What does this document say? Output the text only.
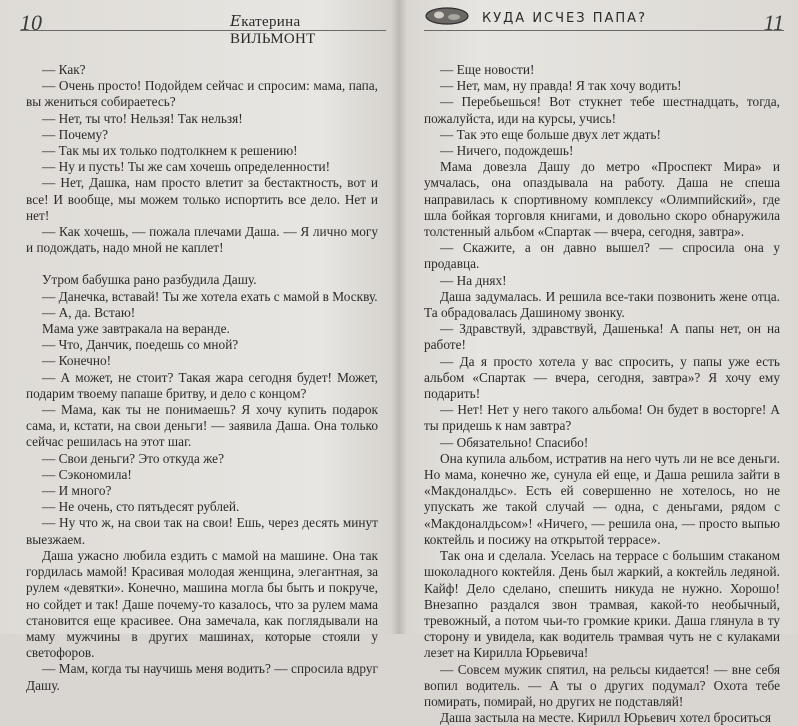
10	Екатерина ВИЛЬМОНТ

— Как?

— Очень просто! Подойдем сейчас и спросим: мама, папа, вы жениться собираетесь?

— Нет, ты что! Нельзя! Так нельзя!

— Почему?

— Так мы их только подтолкнем к решению!

— Ну и пусть! Ты же сам хочешь определенности!

— Нет, Дашка, нам просто влетит за бестактность, вот и все! И вообще, мы можем только испортить все дело. Нет и нет!

— Как хочешь, — пожала плечами Даша. — Я лично могу и подождать, надо мной не каплет!

Утром бабушка рано разбудила Дашу.

— Данечка, вставай! Ты же хотела ехать с мамой в Москву.

— А, да. Встаю!

Мама уже завтракала на веранде.

— Что, Данчик, поедешь со мной?

— Конечно!

— А может, не стоит? Такая жара сегодня будет! Может, подарим твоему папаше бритву, и дело с концом?

— Мама, как ты не понимаешь? Я хочу купить подарок сама, и, кстати, на свои деньги! — заявила Даша. Она только сейчас решилась на этот шаг.

— Свои деньги? Это откуда же?

— Сэкономила!

— И много?

— Не очень, сто пятьдесят рублей.

— Ну что ж, на свои так на свои! Ешь, через десять минут выезжаем.

Даша ужасно любила ездить с мамой на машине. Она так гордилась мамой! Красивая молодая женщина, элегантная, за рулем «девятки». Конечно, машина могла бы быть и покруче, но сойдет и так! Даше почему-то казалось, что за рулем мама становится еще красивее. Она замечала, как поглядывали на маму мужчины в других машинах, которые стояли у светофоров.

— Мам, когда ты научишь меня водить? — спросила вдруг Дашу.

КУДА ИСЧЕЗ ПАПА?	11

— Еще новости!

— Нет, мам, ну правда! Я так хочу водить!

— Перебьешься! Вот стукнет тебе шестнадцать, тогда, пожалуйста, иди на курсы, учись!

— Так это еще больше двух лет ждать!

— Ничего, подождешь!

Мама довезла Дашу до метро «Проспект Мира» и умчалась, она опаздывала на работу. Даша не спеша направилась к спортивному комплексу «Олимпийский», где шла бойкая торговля книгами, и довольно скоро обнаружила толстенный альбом «Спартак — вчера, сегодня, завтра».

— Скажите, а он давно вышел? — спросила она у продавца.

— На днях!

Даша задумалась. И решила все-таки позвонить жене отца. Та обрадовалась Дашиному звонку.

— Здравствуй, здравствуй, Дашенька! А папы нет, он на работе!

— Да я просто хотела у вас спросить, у папы уже есть альбом «Спартак — вчера, сегодня, завтра»? Я хочу ему подарить!

— Нет! Нет у него такого альбома! Он будет в восторге! А ты придешь к нам завтра?

— Обязательно! Спасибо!

Она купила альбом, истратив на него чуть ли не все деньги. Но мама, конечно же, сунула ей еще, и Даша решила зайти в «Макдоналдьс». Есть ей совершенно не хотелось, но не упускать же такой случай — одна, с деньгами, рядом с «Макдоналдьсом»! «Ничего, — решила она, — просто выпью коктейль и посижу на открытой террасе».

Так она и сделала. Уселась на террасе с большим стаканом шоколадного коктейля. День был жаркий, а коктейль ледяной. Кайф! Дело сделано, спешить никуда не нужно. Хорошо! Внезапно раздался звон трамвая, какой-то необычный, тревожный, а потом чьи-то громкие крики. Даша глянула в ту сторону и увидела, как водитель трамвая чуть не с кулаками лезет на Кирилла Юрьевича!

— Совсем мужик спятил, на рельсы кидается! — вне себя вопил водитель. — А ты о других подумал? Охота тебе помирать, помирай, но других не подставляй!

Даша застыла на месте. Кирилл Юрьевич хотел броситься
